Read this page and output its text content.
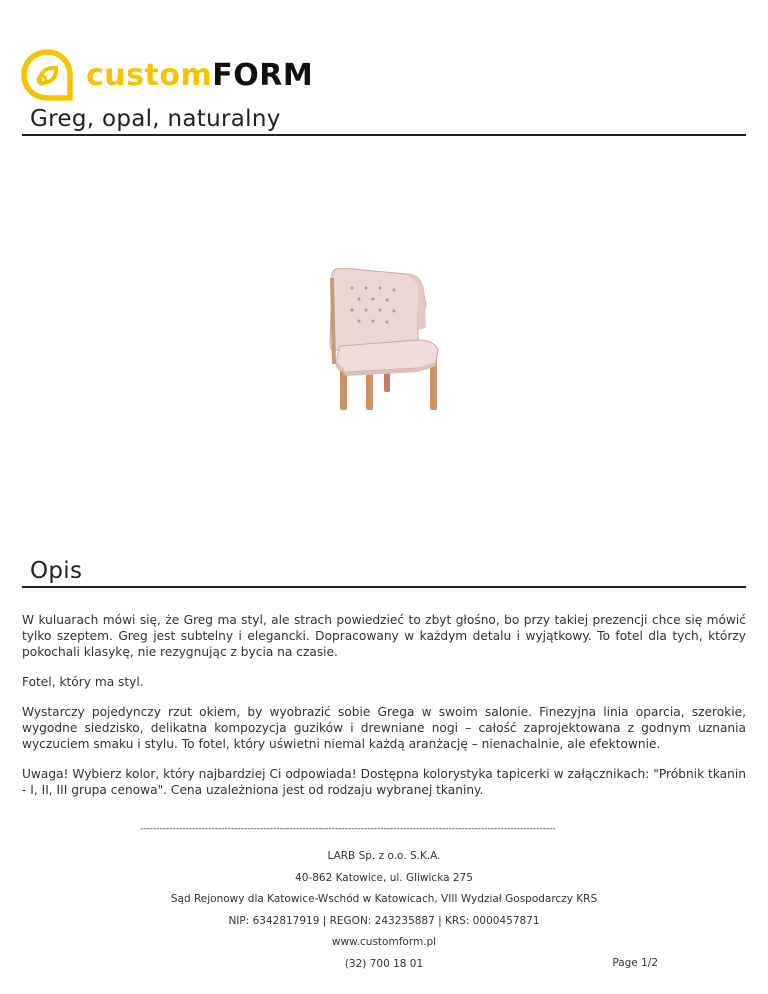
custom FORM
Greg, opal, naturalny
Opis

W kuluarach mówi się, że Greg ma styl, ale strach powiedzieć to zbyt głośno, bo przy takiej prezencji chce się mówić tylko szeptem. Greg jest subtelny i elegancki. Dopracowany w każdym detalu i wyjątkowy. To fotel dla tych, którzy pokochali klasykę, nie rezygnując z bycia na czasie.

Fotel, który ma styl.

Wystarczy pojedynczy rzut okiem, by wyobrazić sobie Grega w swoim salonie. Finezyjna linia oparcia, szerokie, wygodne siedzisko, delikatna kompozycja guzików i drewniane nogi – całość zaprojektowana z godnym uznania wyczuciem smaku i stylu. To fotel, który uświetni niemal każdą aranżację – nienachalnie, ale efektownie.

Uwaga! Wybierz kolor, który najbardziej Ci odpowiada! Dostępna kolorystyka tapicerki w załącznikach: "Próbnik tkanin - I, II, III grupa cenowa". Cena uzależniona jest od rodzaju wybranej tkaniny.

--------------------------------------------------------------------------------------------------------------------------------
LARB Sp. z o.o. S.K.A.
40-862 Katowice, ul. Gliwicka 275
Sąd Rejonowy dla Katowice-Wschód w Katowicach, VIII Wydział Gospodarczy KRS
NIP: 6342817919 | REGON: 243235887 | KRS: 0000457871
www.customform.pl
(32) 700 18 01	Page 1/2
